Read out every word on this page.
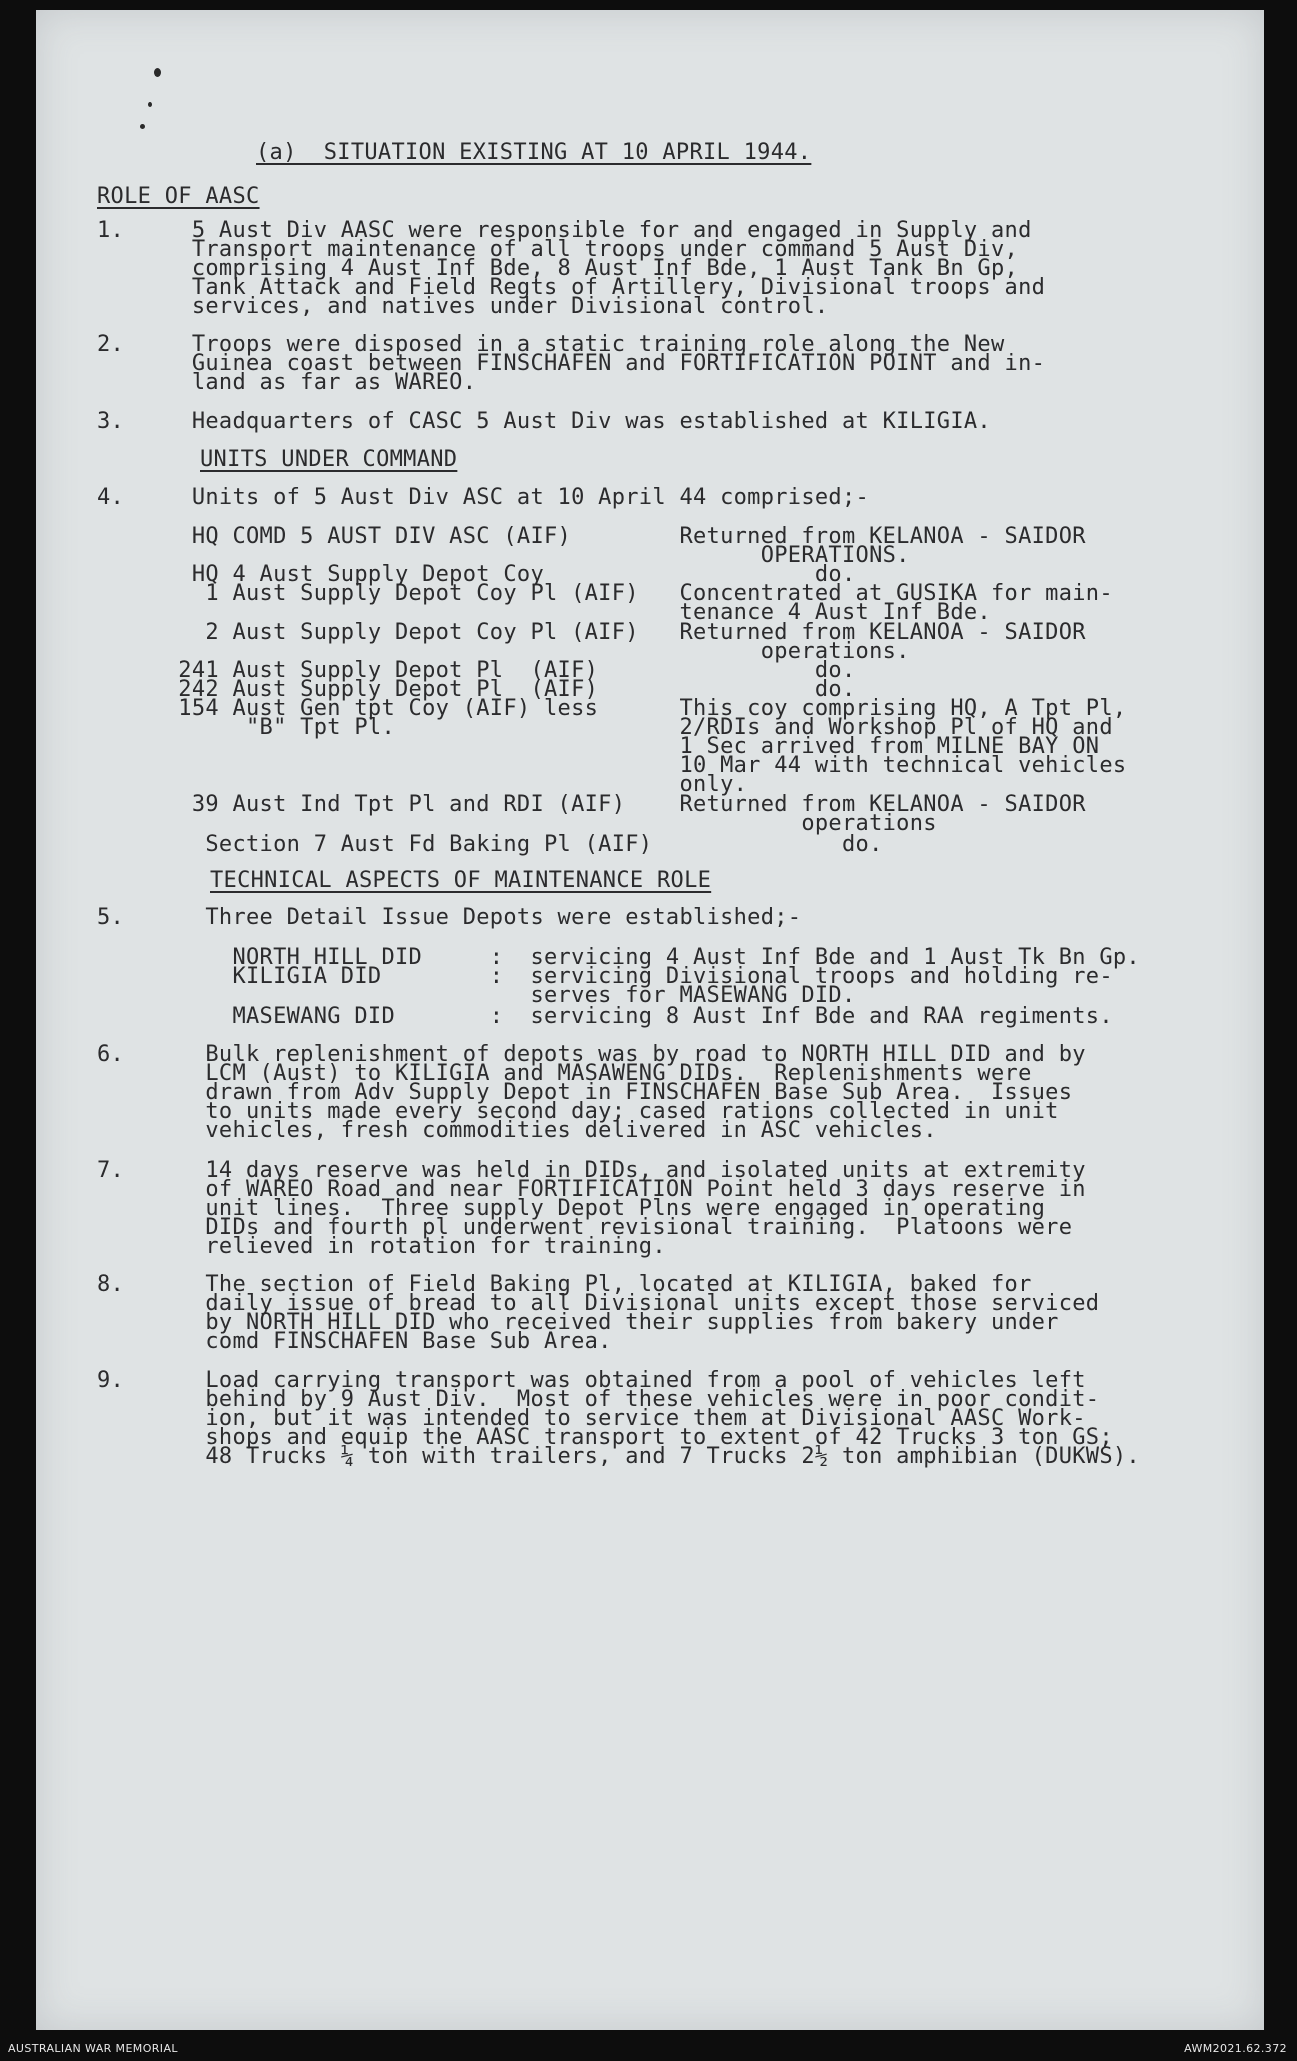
(a)  SITUATION EXISTING AT 10 APRIL 1944.
ROLE OF AASC
1.     5 Aust Div AASC were responsible for and engaged in Supply and
Transport maintenance of all troops under command 5 Aust Div,
comprising 4 Aust Inf Bde, 8 Aust Inf Bde, 1 Aust Tank Bn Gp,
Tank Attack and Field Regts of Artillery, Divisional troops and
services, and natives under Divisional control.
2.     Troops were disposed in a static training role along the New
Guinea coast between FINSCHAFEN and FORTIFICATION POINT and in-
land as far as WAREO.
3.     Headquarters of CASC 5 Aust Div was established at KILIGIA.
UNITS UNDER COMMAND
4.     Units of 5 Aust Div ASC at 10 April 44 comprised;-
HQ COMD 5 AUST DIV ASC (AIF)        Returned from KELANOA - SAIDOR
OPERATIONS.
HQ 4 Aust Supply Depot Coy                    do.
1 Aust Supply Depot Coy Pl (AIF)   Concentrated at GUSIKA for main-
tenance 4 Aust Inf Bde.
2 Aust Supply Depot Coy Pl (AIF)   Returned from KELANOA - SAIDOR
operations.
241 Aust Supply Depot Pl  (AIF)                do.
242 Aust Supply Depot Pl  (AIF)                do.
154 Aust Gen tpt Coy (AIF) less      This coy comprising HQ, A Tpt Pl,
"B" Tpt Pl.                     2/RDIs and Workshop Pl of HQ and
1 Sec arrived from MILNE BAY ON
10 Mar 44 with technical vehicles
only.
39 Aust Ind Tpt Pl and RDI (AIF)    Returned from KELANOA - SAIDOR
operations
Section 7 Aust Fd Baking Pl (AIF)              do.
TECHNICAL ASPECTS OF MAINTENANCE ROLE
5.      Three Detail Issue Depots were established;-
NORTH HILL DID     :  servicing 4 Aust Inf Bde and 1 Aust Tk Bn Gp.
KILIGIA DID        :  servicing Divisional troops and holding re-
serves for MASEWANG DID.
MASEWANG DID       :  servicing 8 Aust Inf Bde and RAA regiments.
6.      Bulk replenishment of depots was by road to NORTH HILL DID and by
LCM (Aust) to KILIGIA and MASAWENG DIDs.  Replenishments were
drawn from Adv Supply Depot in FINSCHAFEN Base Sub Area.  Issues
to units made every second day; cased rations collected in unit
vehicles, fresh commodities delivered in ASC vehicles.
7.      14 days reserve was held in DIDs, and isolated units at extremity
of WAREO Road and near FORTIFICATION Point held 3 days reserve in
unit lines.  Three supply Depot Plns were engaged in operating
DIDs and fourth pl underwent revisional training.  Platoons were
relieved in rotation for training.
8.      The section of Field Baking Pl, located at KILIGIA, baked for
daily issue of bread to all Divisional units except those serviced
by NORTH HILL DID who received their supplies from bakery under
comd FINSCHAFEN Base Sub Area.
9.      Load carrying transport was obtained from a pool of vehicles left
behind by 9 Aust Div.  Most of these vehicles were in poor condit-
ion, but it was intended to service them at Divisional AASC Work-
shops and equip the AASC transport to extent of 42 Trucks 3 ton GS;
48 Trucks ¼ ton with trailers, and 7 Trucks 2½ ton amphibian (DUKWS).
AUSTRALIAN WAR MEMORIAL	AWM2021.62.372
